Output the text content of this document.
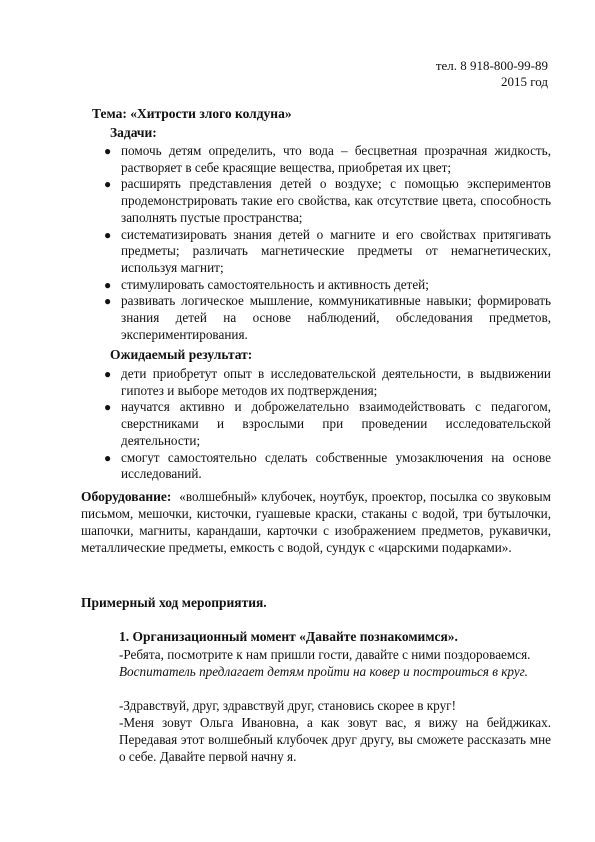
тел. 8 918-800-99-89
2015 год
Тема: «Хитрости злого колдуна»
Задачи:
● помочь детям определить, что вода – бесцветная прозрачная жидкость, растворяет в себе красящие вещества, приобретая их цвет;
● расширять представления детей о воздухе; с помощью экспериментов продемонстрировать такие его свойства, как отсутствие цвета, способность заполнять пустые пространства;
● систематизировать знания детей о магните и его свойствах притягивать предметы; различать магнетические предметы от немагнетических, используя магнит;
● стимулировать самостоятельность и активность детей;
● развивать логическое мышление, коммуникативные навыки; формировать знания детей на основе наблюдений, обследования предметов, экспериментирования.
Ожидаемый результат:
● дети приобретут опыт в исследовательской деятельности, в выдвижении гипотез и выборе методов их подтверждения;
● научатся активно и доброжелательно взаимодействовать с педагогом, сверстниками и взрослыми при проведении исследовательской деятельности;
● смогут самостоятельно сделать собственные умозаключения на основе исследований.
Оборудование: «волшебный» клубочек, ноутбук, проектор, посылка со звуковым письмом, мешочки, кисточки, гуашевые краски, стаканы с водой, три бутылочки, шапочки, магниты, карандаши, карточки с изображением предметов, рукавички, металлические предметы, емкость с водой, сундук с «царскими подарками».
Примерный ход мероприятия.
1. Организационный момент «Давайте познакомимся».
-Ребята, посмотрите к нам пришли гости, давайте с ними поздороваемся.
Воспитатель предлагает детям пройти на ковер и построиться в круг.
-Здравствуй, друг, здравствуй друг, становись скорее в круг!
-Меня зовут Ольга Ивановна, а как зовут вас, я вижу на бейджиках. Передавая этот волшебный клубочек друг другу, вы сможете рассказать мне о себе. Давайте первой начну я.
